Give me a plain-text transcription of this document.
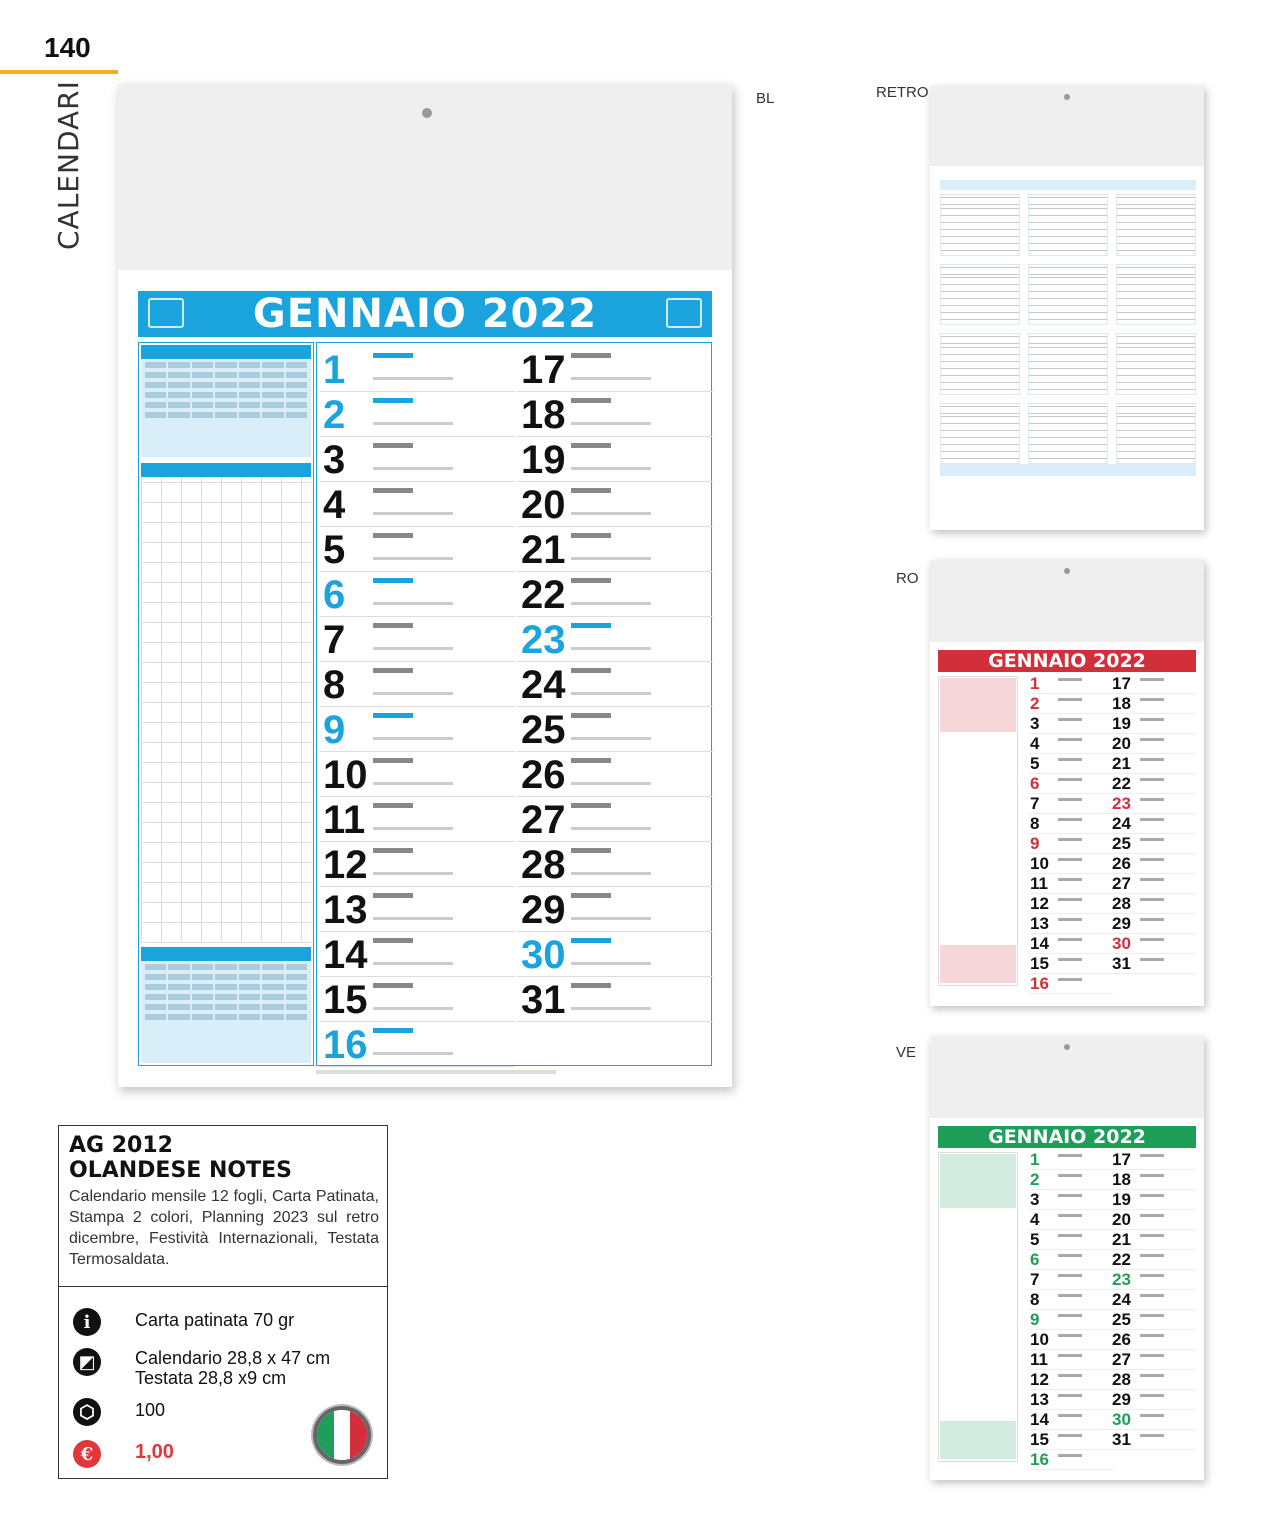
140
CALENDARI	BL	RETRO
RO
VE
GENNAIO 2022
1
2
3
4
5
6
7
8
9
10
11
12
13
14
15
16
17
18
19
20
21
22
23
24
25
26
27
28
29
30
31
GENNAIO 2022
1
2
3
4
5
6
7
8
9
10
11
12
13
14
15
16
17
18
19
20
21
22
23
24
25
26
27
28
29
30
31
GENNAIO 2022
1
2
3
4
5
6
7
8
9
10
11
12
13
14
15
16
17
18
19
20
21
22
23
24
25
26
27
28
29
30
31
AG 2012
OLANDESE NOTES
Calendario mensile 12 fogli, Carta Patinata, Stampa 2 colori, Planning 2023 sul retro dicembre, Festività Internazionali, Testata Termosaldata.
i	Carta patinata 70 gr
◩	Calendario 28,8 x 47 cm
Testata 28,8 x9 cm
⬡	100
€	1,00
